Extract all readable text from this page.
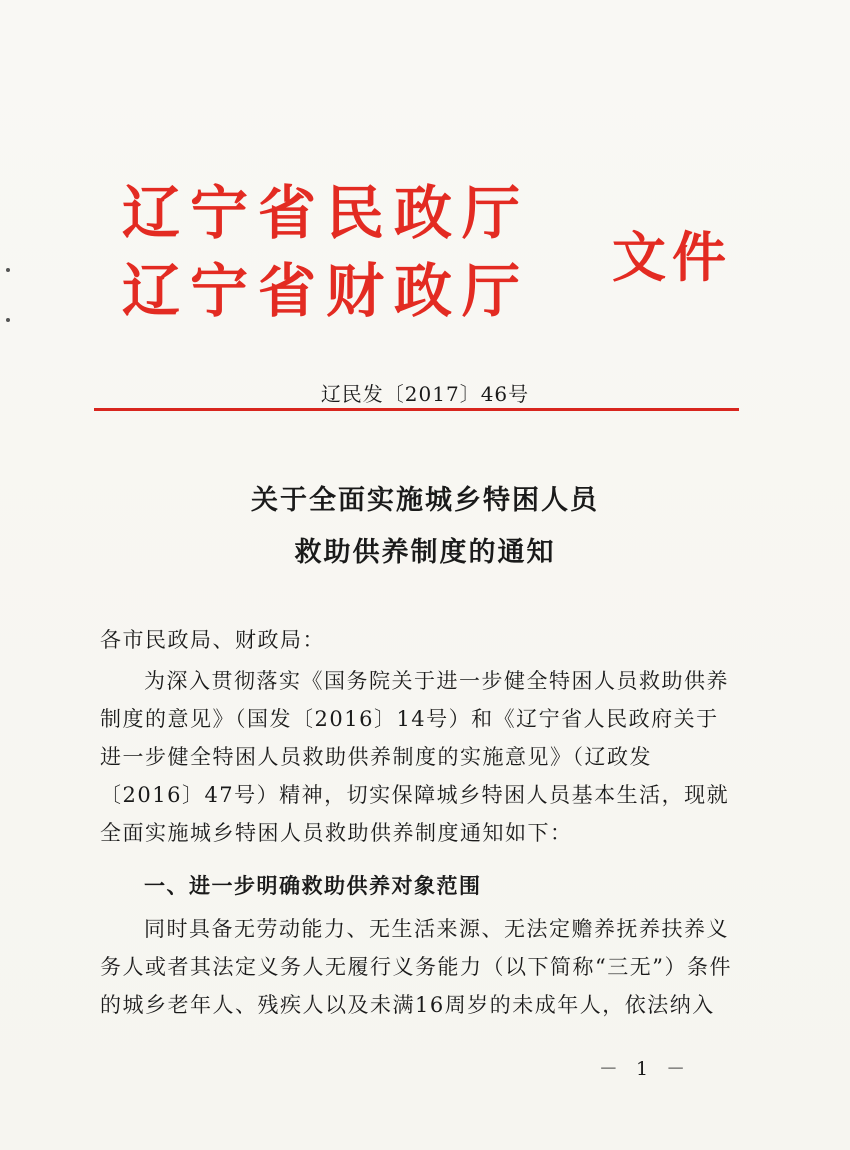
辽宁省民政厅
辽宁省财政厅 文件
辽民发〔2017〕46号
关于全面实施城乡特困人员
救助供养制度的通知
各市民政局、财政局：
为深入贯彻落实《国务院关于进一步健全特困人员救助供养制度的意见》（国发〔2016〕14号）和《辽宁省人民政府关于进一步健全特困人员救助供养制度的实施意见》（辽政发〔2016〕47号）精神，切实保障城乡特困人员基本生活，现就全面实施城乡特困人员救助供养制度通知如下：
一、进一步明确救助供养对象范围
同时具备无劳动能力、无生活来源、无法定赡养抚养扶养义务人或者其法定义务人无履行义务能力（以下简称“三无”）条件的城乡老年人、残疾人以及未满16周岁的未成年人，依法纳入
－ 1 －
